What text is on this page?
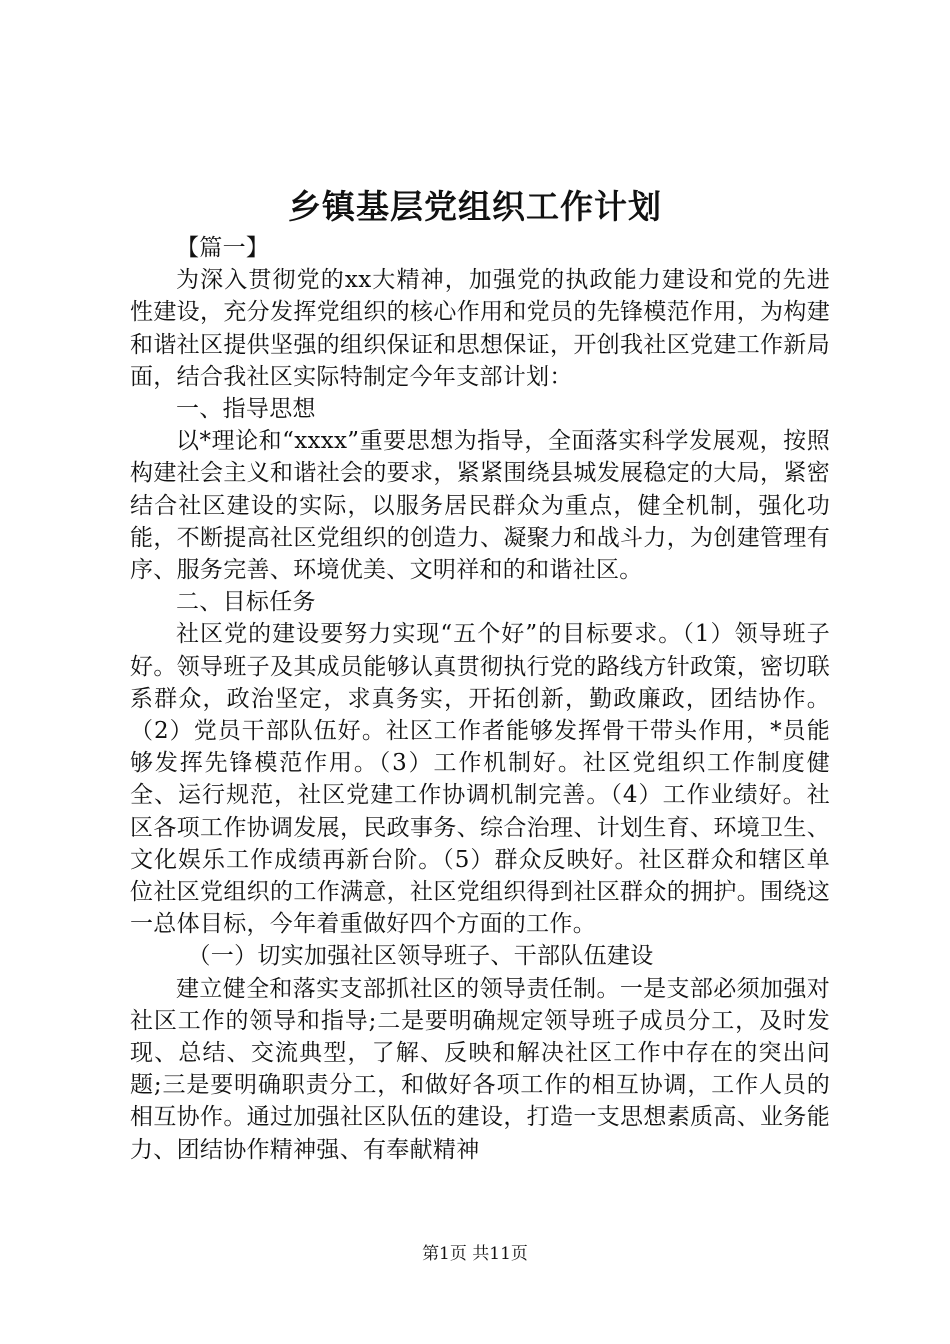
乡镇基层党组织工作计划

【篇一】

为深入贯彻党的xx大精神，加强党的执政能力建设和党的先进性建设，充分发挥党组织的核心作用和党员的先锋模范作用，为构建和谐社区提供坚强的组织保证和思想保证，开创我社区党建工作新局面，结合我社区实际特制定今年支部计划：

一、指导思想

以*理论和“xxxx”重要思想为指导，全面落实科学发展观，按照构建社会主义和谐社会的要求，紧紧围绕县城发展稳定的大局，紧密结合社区建设的实际，以服务居民群众为重点，健全机制，强化功能，不断提高社区党组织的创造力、凝聚力和战斗力，为创建管理有序、服务完善、环境优美、文明祥和的和谐社区。

二、目标任务

社区党的建设要努力实现“五个好”的目标要求。（1）领导班子好。领导班子及其成员能够认真贯彻执行党的路线方针政策，密切联系群众，政治坚定，求真务实，开拓创新，勤政廉政，团结协作。（2）党员干部队伍好。社区工作者能够发挥骨干带头作用，*员能够发挥先锋模范作用。（3）工作机制好。社区党组织工作制度健全、运行规范，社区党建工作协调机制完善。（4）工作业绩好。社区各项工作协调发展，民政事务、综合治理、计划生育、环境卫生、文化娱乐工作成绩再新台阶。（5）群众反映好。社区群众和辖区单位社区党组织的工作满意，社区党组织得到社区群众的拥护。围绕这一总体目标，今年着重做好四个方面的工作。

（一）切实加强社区领导班子、干部队伍建设

建立健全和落实支部抓社区的领导责任制。一是支部必须加强对社区工作的领导和指导;二是要明确规定领导班子成员分工，及时发现、总结、交流典型，了解、反映和解决社区工作中存在的突出问题;三是要明确职责分工，和做好各项工作的相互协调，工作人员的相互协作。通过加强社区队伍的建设，打造一支思想素质高、业务能力、团结协作精神强、有奉献精神

第1页 共11页
